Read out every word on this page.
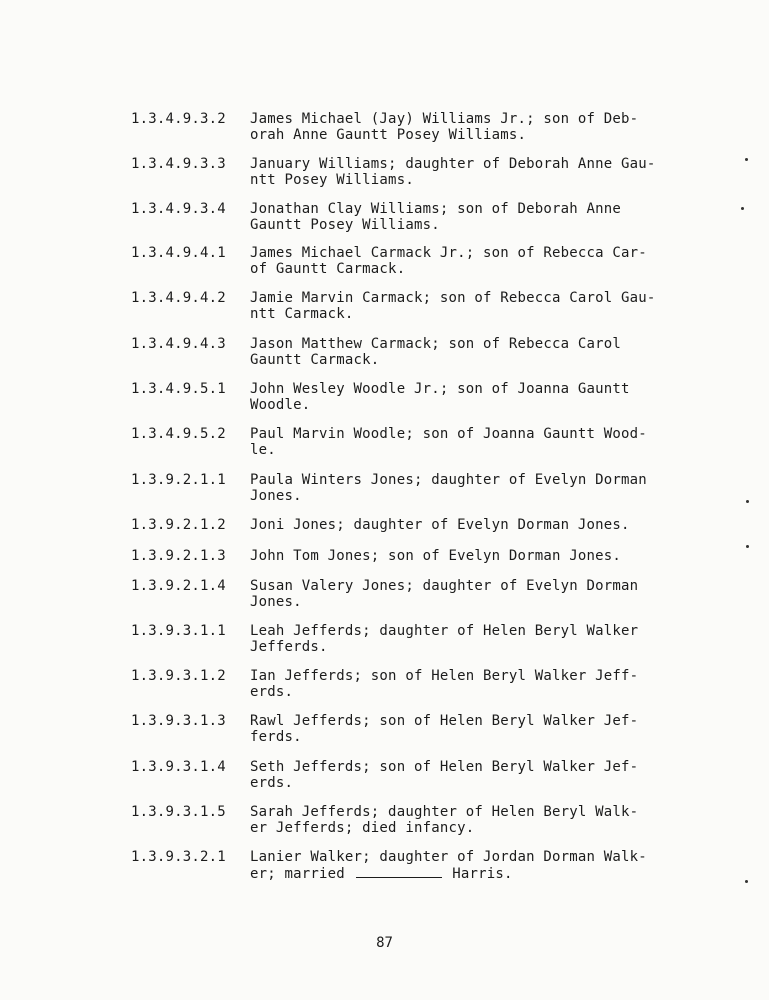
1.3.4.9.3.2	James Michael (Jay) Williams Jr.; son of Deb-
orah Anne Gauntt Posey Williams.
1.3.4.9.3.3	January Williams; daughter of Deborah Anne Gau-
ntt Posey Williams.
1.3.4.9.3.4	Jonathan Clay Williams; son of Deborah Anne
Gauntt Posey Williams.
1.3.4.9.4.1	James Michael Carmack Jr.; son of Rebecca Car-
of Gauntt Carmack.
1.3.4.9.4.2	Jamie Marvin Carmack; son of Rebecca Carol Gau-
ntt Carmack.
1.3.4.9.4.3	Jason Matthew Carmack; son of Rebecca Carol
Gauntt Carmack.
1.3.4.9.5.1	John Wesley Woodle Jr.; son of Joanna Gauntt
Woodle.
1.3.4.9.5.2	Paul Marvin Woodle; son of Joanna Gauntt Wood-
le.
1.3.9.2.1.1	Paula Winters Jones; daughter of Evelyn Dorman
Jones.
1.3.9.2.1.2	Joni Jones; daughter of Evelyn Dorman Jones.
1.3.9.2.1.3	John Tom Jones; son of Evelyn Dorman Jones.
1.3.9.2.1.4	Susan Valery Jones; daughter of Evelyn Dorman
Jones.
1.3.9.3.1.1	Leah Jefferds; daughter of Helen Beryl Walker
Jefferds.
1.3.9.3.1.2	Ian Jefferds; son of Helen Beryl Walker Jeff-
erds.
1.3.9.3.1.3	Rawl Jefferds; son of Helen Beryl Walker Jef-
ferds.
1.3.9.3.1.4	Seth Jefferds; son of Helen Beryl Walker Jef-
erds.
1.3.9.3.1.5	Sarah Jefferds; daughter of Helen Beryl Walk-
er Jefferds; died infancy.
1.3.9.3.2.1	Lanier Walker; daughter of Jordan Dorman Walk-
er; married	Harris.
87
